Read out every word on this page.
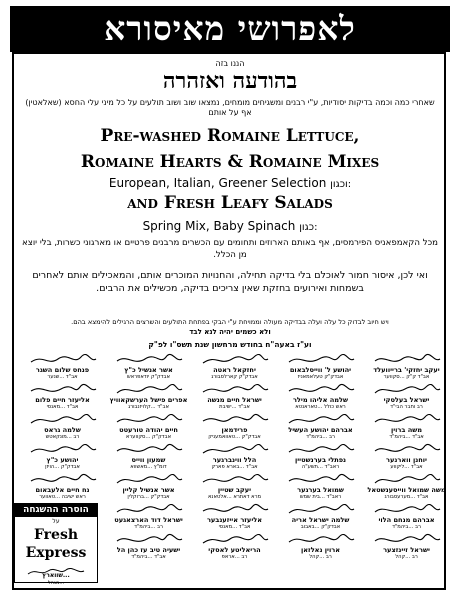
לאפרושי מאיסורא
הננו בזה
בהודעה ואזהרה
שאחרי כמה וכמה בדיקות יסודיות, ע"י רבנים ומשגיחים מומחים, נמצאו שוב ושוב תולעים על כל מיני עלי החסא (שאלאטין) אף על אותם
Pre-washed Romaine Lettuce,
Romaine Hearts & Romaine Mixes
European, Italian, Greener Selection וכגון:
and Fresh Leafy Salads
Spring Mix, Baby Spinach כגון:
מכל הקאמפאניס הפירמסים, אף באותם הארוזים ותחומים עם הכשרים מרבנים פרטיים או מארגוני כשרות, בלי יוצא מן הכלל.
ואי לכן, איסור חמור לאוכלם בלי בדיקה תחילה, והחנויות המוכרים אותם, והמאכילים אותם לאחרים בשמחות ואירועים בחזקת שאין צריכים בדיקה, מכשילים את הרבים.
ויש חיוב לבדוק כל עלה ועלה בבדיקה מעולה וממויחת ע"י הבקי בפתחת התולעים והשרצים הרגילים להימצא בהם.
ולא כשמים יהיה לנא לבד
וע"ז באעה"ח בחודש מרחשון שנת תשס"ו לפ"ק
יעקב יחזקי' ברייוועלד
אב"ד ק"ק ...סקווער
יהושע ל' ווייסלבאום
אבדק"ק טעלאמאניז
יחזקאל ראטה
אבדק"ק קארלסבורג
אשר אנשיל כ"ץ
אבדק"ק יודאפראש
פנחס שלום השגר
אב"ד ...שנער
ישראל בעלסקי
רב וחבר הבי"ד
שלמה אליהו מילר
ראש כולל ...טאראנטא
ישראל חיים מנשה
אב"ד ...ישיבת
אפרים פישל הערשקאוויץ
אב"ד ...קלויזנבורג
אליעזר חיים פלום
אב"ד ...מאנסי
משה ברוין
אב"ד ...ביהמ"ד
אברהם יהושע העשיל
רב ...ביהמ"ד
פרידמאן
אבדק"ק ...טאוואמעניק
חיים יהודה טורעטט
אבדק"ק ...סקווערא
שלמה גראס
רב ...מונקאטש
יוחנן ווארנער
אב"ד ...ליקווע
נפתלי בערנשטיין
ראב"ד ...תשע"ה
הלל ווינברגער
אב"ד ...בארא פארק
שמעון ווייס
דומ"ץ ...מאשווא
יהושע כ"ץ
אבדק"ק ...הויזן
משה שמואל ווייסענשטאל
אב"ד ...מערעסבורג
שמואל בערגער
ראב"ד ...בית שמש
יעקב שטיין
מרא דאתרא ...אלטאנא
אשר אנשיל קליין
אבדק"ק ...ברוקלין
נח חיים אלעבאום
ראש ישיבה ...טאווער
אברהם מנחם הלוי
רב ...ביהמ"ד
שלמה ישראל אריה
אבדק"ק ...באבוב
אליעזר אייזענבער
אב"ד ...מאנסי
ישראל דוד הארצאגעט
רב ...ביהמ"ד
ישראל זיינזצער
רב ...קהל
ארוין נאלזאן
רב ...קהל
הריאליטע לאסקי
רב ...אראפ
ישעיה טיב עז כהן הל
אב"ד ...ביהמ"ד
הוסרה ההשגחה
על
Fresh Express
...שווארץ
...מנהל
